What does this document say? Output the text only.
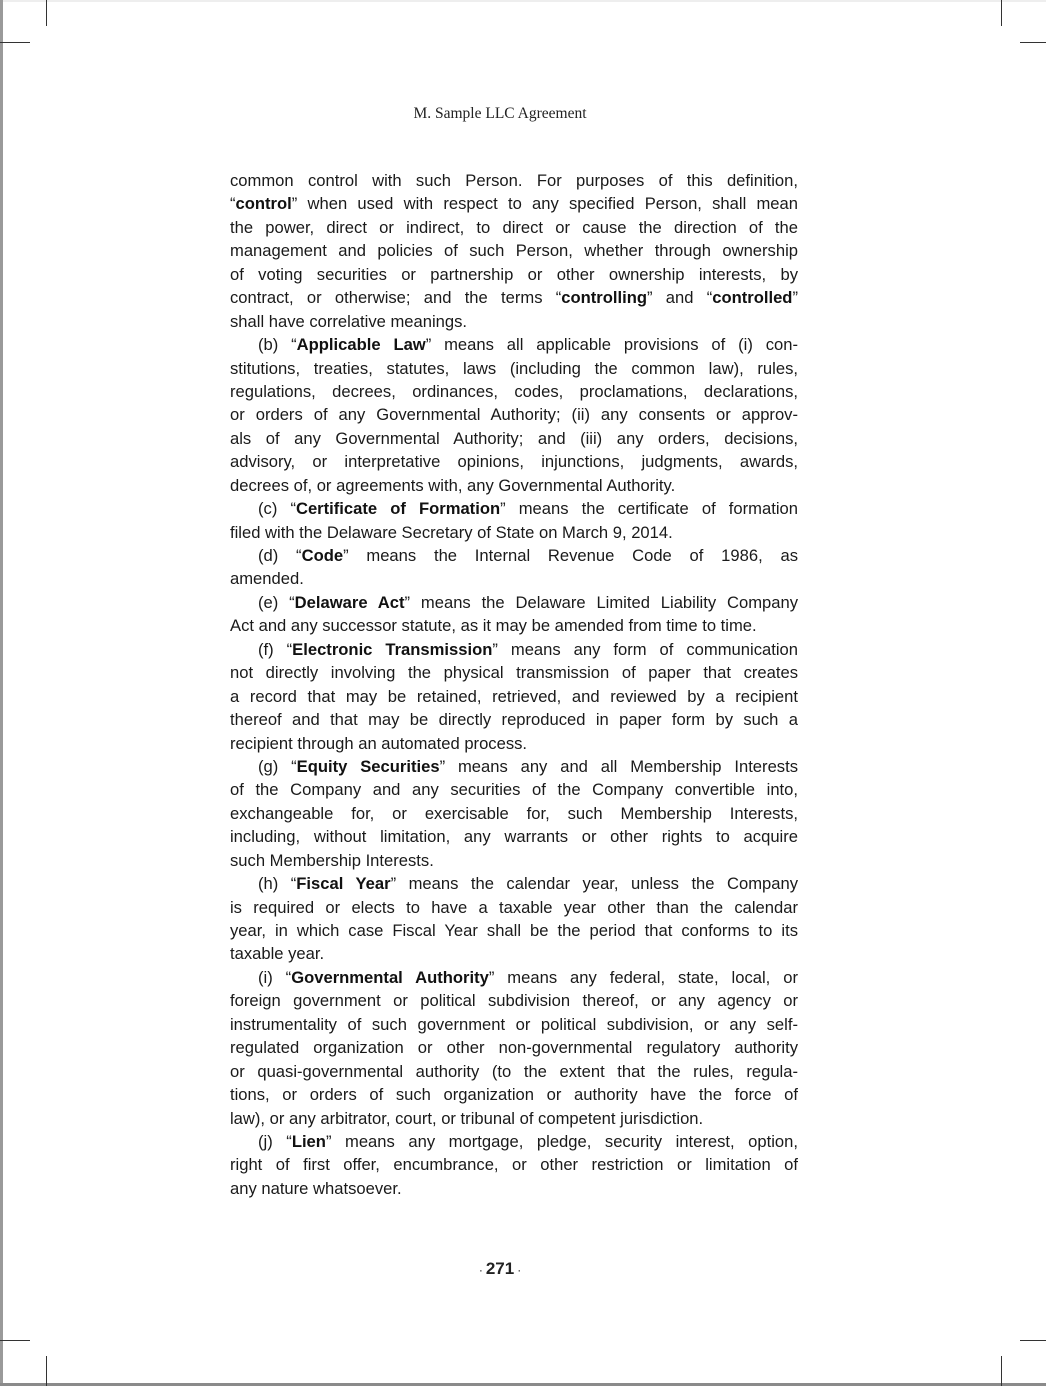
M. Sample LLC Agreement
common control with such Person. For purposes of this definition,
“control” when used with respect to any specified Person, shall mean
the power, direct or indirect, to direct or cause the direction of the
management and policies of such Person, whether through ownership
of voting securities or partnership or other ownership interests, by
contract, or otherwise; and the terms “controlling” and “controlled”
shall have correlative meanings.
(b) “Applicable Law” means all applicable provisions of (i) con-
stitutions, treaties, statutes, laws (including the common law), rules,
regulations, decrees, ordinances, codes, proclamations, declarations,
or orders of any Governmental Authority; (ii) any consents or approv-
als of any Governmental Authority; and (iii) any orders, decisions,
advisory, or interpretative opinions, injunctions, judgments, awards,
decrees of, or agreements with, any Governmental Authority.
(c) “Certificate of Formation” means the certificate of formation
filed with the Delaware Secretary of State on March 9, 2014.
(d) “Code” means the Internal Revenue Code of 1986, as
amended.
(e) “Delaware Act” means the Delaware Limited Liability Company
Act and any successor statute, as it may be amended from time to time.
(f) “Electronic Transmission” means any form of communication
not directly involving the physical transmission of paper that creates
a record that may be retained, retrieved, and reviewed by a recipient
thereof and that may be directly reproduced in paper form by such a
recipient through an automated process.
(g) “Equity Securities” means any and all Membership Interests
of the Company and any securities of the Company convertible into,
exchangeable for, or exercisable for, such Membership Interests,
including, without limitation, any warrants or other rights to acquire
such Membership Interests.
(h) “Fiscal Year” means the calendar year, unless the Company
is required or elects to have a taxable year other than the calendar
year, in which case Fiscal Year shall be the period that conforms to its
taxable year.
(i) “Governmental Authority” means any federal, state, local, or
foreign government or political subdivision thereof, or any agency or
instrumentality of such government or political subdivision, or any self-
regulated organization or other non-governmental regulatory authority
or quasi-governmental authority (to the extent that the rules, regula-
tions, or orders of such organization or authority have the force of
law), or any arbitrator, court, or tribunal of competent jurisdiction.
(j) “Lien” means any mortgage, pledge, security interest, option,
right of first offer, encumbrance, or other restriction or limitation of
any nature whatsoever.
· 271 ·
